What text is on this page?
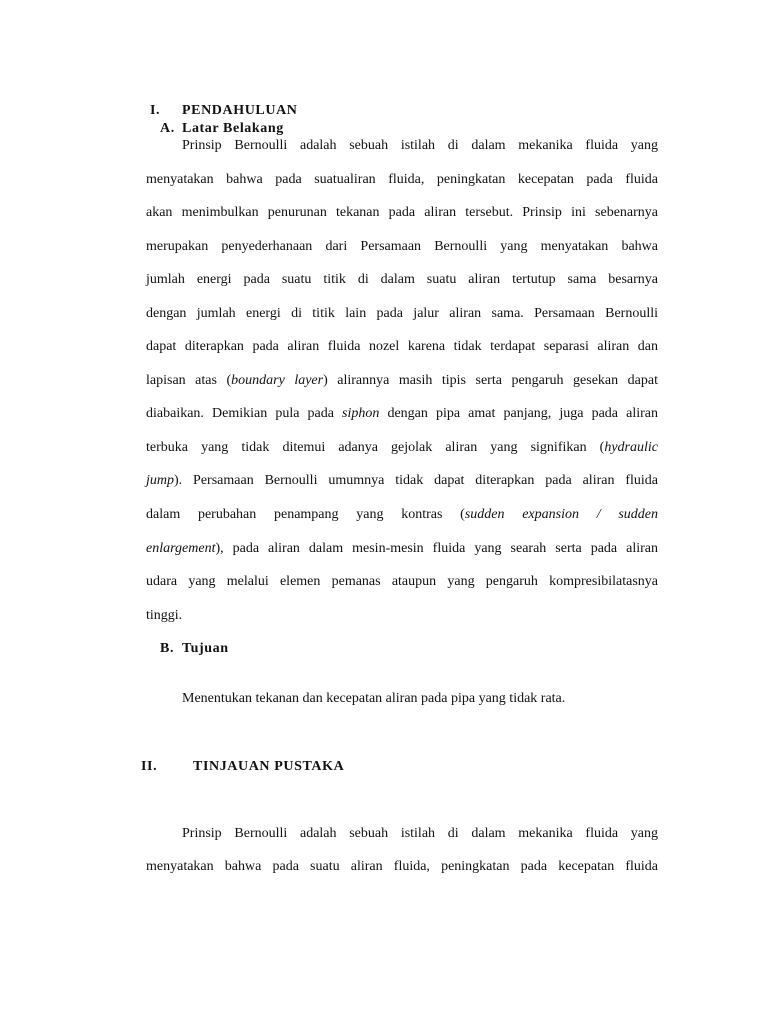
I. PENDAHULUAN
A. Latar Belakang
Prinsip Bernoulli adalah sebuah istilah di dalam mekanika fluida yang
menyatakan bahwa pada suatualiran fluida, peningkatan kecepatan pada fluida
akan menimbulkan penurunan tekanan pada aliran tersebut. Prinsip ini sebenarnya
merupakan penyederhanaan dari Persamaan Bernoulli yang menyatakan bahwa
jumlah energi pada suatu titik di dalam suatu aliran tertutup sama besarnya
dengan jumlah energi di titik lain pada jalur aliran sama. Persamaan Bernoulli
dapat diterapkan pada aliran fluida nozel karena tidak terdapat separasi aliran dan
lapisan atas (boundary layer) alirannya masih tipis serta pengaruh gesekan dapat
diabaikan. Demikian pula pada siphon dengan pipa amat panjang, juga pada aliran
terbuka yang tidak ditemui adanya gejolak aliran yang signifikan (hydraulic
jump). Persamaan Bernoulli umumnya tidak dapat diterapkan pada aliran fluida
dalam perubahan penampang yang kontras (sudden expansion / sudden
enlargement), pada aliran dalam mesin-mesin fluida yang searah serta pada aliran
udara yang melalui elemen pemanas ataupun yang pengaruh kompresibilatasnya
tinggi.
B. Tujuan
Menentukan tekanan dan kecepatan aliran pada pipa yang tidak rata.
II.	TINJAUAN PUSTAKA
Prinsip Bernoulli adalah sebuah istilah di dalam mekanika fluida yang
menyatakan bahwa pada suatu aliran fluida, peningkatan pada kecepatan fluida
